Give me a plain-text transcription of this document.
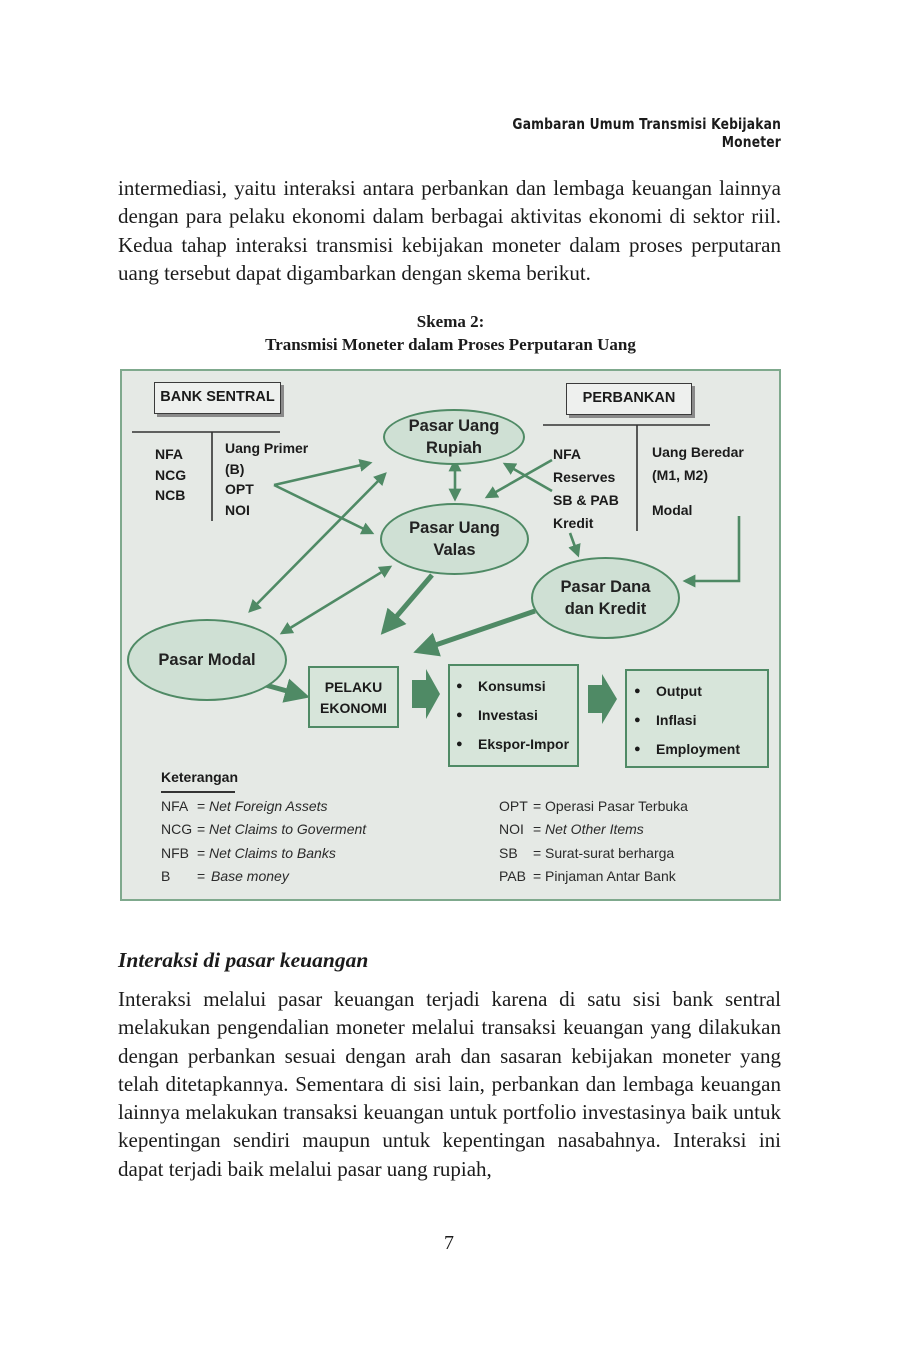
Gambaran Umum Transmisi Kebijakan Moneter

intermediasi, yaitu interaksi antara perbankan dan lembaga keuangan lainnya dengan para pelaku ekonomi dalam berbagai aktivitas ekonomi di sektor riil. Kedua tahap interaksi transmisi kebijakan moneter dalam proses perputaran uang tersebut dapat digambarkan dengan skema berikut.

Skema 2:
Transmisi Moneter dalam Proses Perputaran Uang
BANK SENTRAL
NFA
NCG
NCB
Uang Primer
(B)
OPT
NOI
PERBANKAN
NFA
Reserves
SB & PAB
Kredit
Uang Beredar
(M1, M2)
Modal
Pasar Uang
Rupiah
Pasar Uang
Valas
Pasar Dana
dan Kredit
Pasar Modal
PELAKU
EKONOMI
● Konsumsi
● Investasi
● Ekspor-Impor
● Output
● Inflasi
● Employment
Keterangan
NFA = Net Foreign Assets
NCG = Net Claims to Goverment
NFB = Net Claims to Banks
B = Base money
OPT = Operasi Pasar Terbuka
NOI = Net Other Items
SB = Surat-surat berharga
PAB = Pinjaman Antar Bank
Interaksi di pasar keuangan

Interaksi melalui pasar keuangan terjadi karena di satu sisi bank sentral melakukan pengendalian moneter melalui transaksi keuangan yang dilakukan dengan perbankan sesuai dengan arah dan sasaran kebijakan moneter yang telah ditetapkannya. Sementara di sisi lain, perbankan dan lembaga keuangan lainnya melakukan transaksi keuangan untuk portfolio investasinya baik untuk kepentingan sendiri maupun untuk kepentingan nasabahnya. Interaksi ini dapat terjadi baik melalui pasar uang rupiah,

7
